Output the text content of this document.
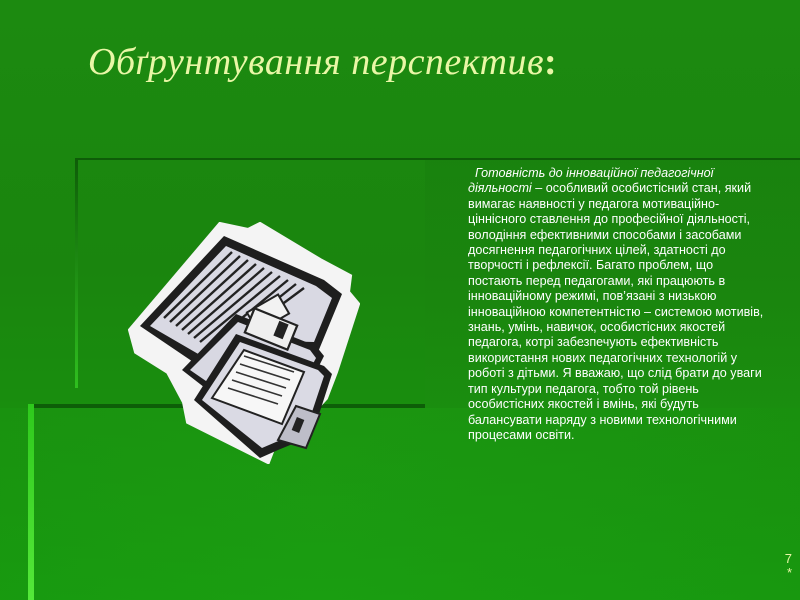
Обґрунтування перспектив:
Готовність до інноваційної педагогічної діяльності – особливий особистісний стан, який вимагає наявності у педагога мотиваційно-ціннісного ставлення до професійної діяльності, володіння ефективними способами і засобами досягнення педагогічних цілей, здатності до творчості і рефлексії. Багато проблем, що постають перед педагогами, які працюють в інноваційному режимі, пов’язані з низькою інноваційною компетентністю – системою мотивів, знань, умінь, навичок, особистісних якостей педагога, котрі забезпечують ефективність використання нових педагогічних технологій у роботі з дітьми. Я вважаю, що слід брати до уваги тип культури педагога, тобто той рівень особистісних якостей і вмінь, які будуть балансувати наряду з новими технологічними процесами освіти.
7
*
